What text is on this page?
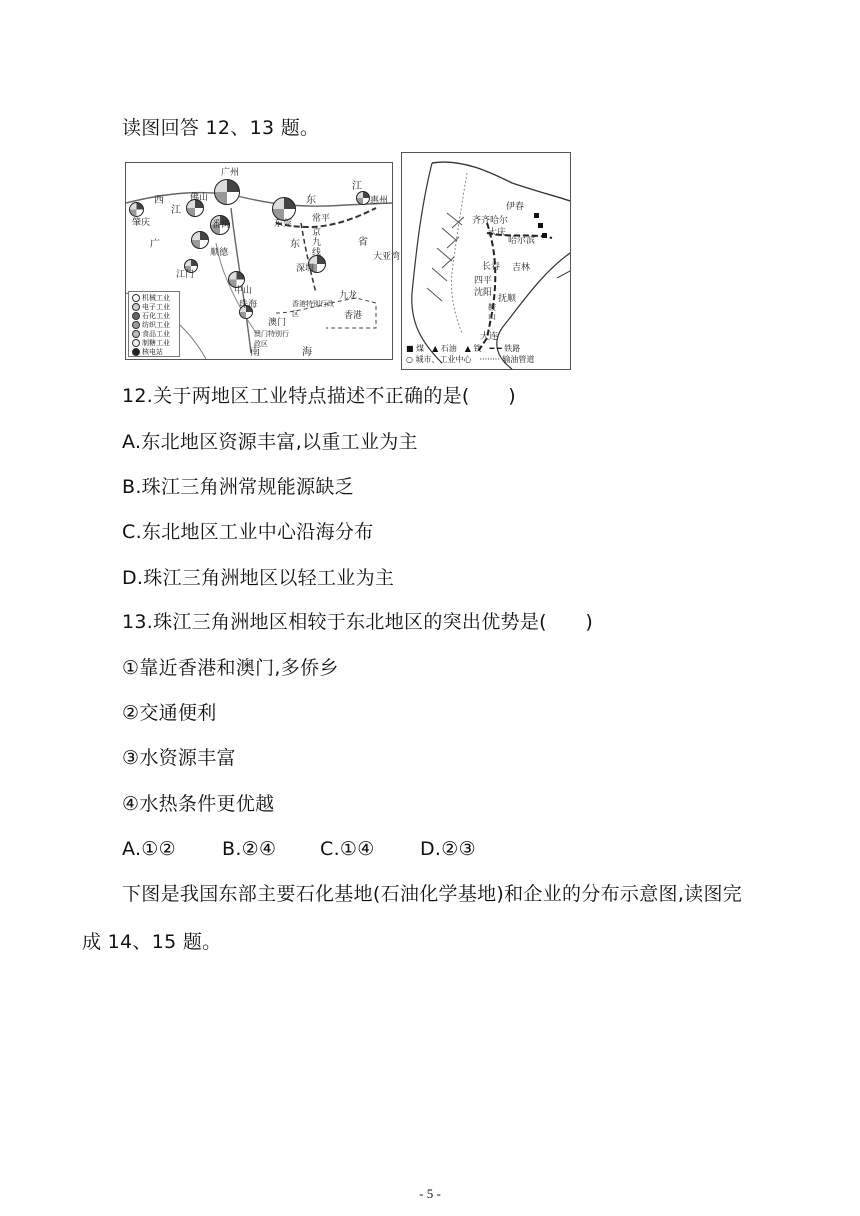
读图回答 12、13 题。
广州
佛山
肇庆	番禺
顺德
东莞 常平
惠州
江门
中山
珠海
深圳
澳门
香港
九龙
大亚湾
西
江
广
东
江
省
东
南	海
京
九
线
香港特别行政区
澳门特别行政区
机械工业
电子工业
石化工业
纺织工业
食品工业
制糖工业
核电站
伊春
齐齐哈尔
大庆
哈尔滨
长春 吉林
四平
沈阳
抚顺
鞍山
大连
■ 煤　▲ 石油　▲ 铁　━ ━ 铁路
○ 城市、工业中心　········ 输油管道
12.关于两地区工业特点描述不正确的是(　　)
A.东北地区资源丰富,以重工业为主
B.珠江三角洲常规能源缺乏
C.东北地区工业中心沿海分布
D.珠江三角洲地区以轻工业为主
13.珠江三角洲地区相较于东北地区的突出优势是(　　)
①靠近香港和澳门,多侨乡
②交通便利
③水资源丰富
④水热条件更优越
A.①② B.②④ C.①④ D.②③
下图是我国东部主要石化基地(石油化学基地)和企业的分布示意图,读图完
成 14、15 题。
- 5 -
